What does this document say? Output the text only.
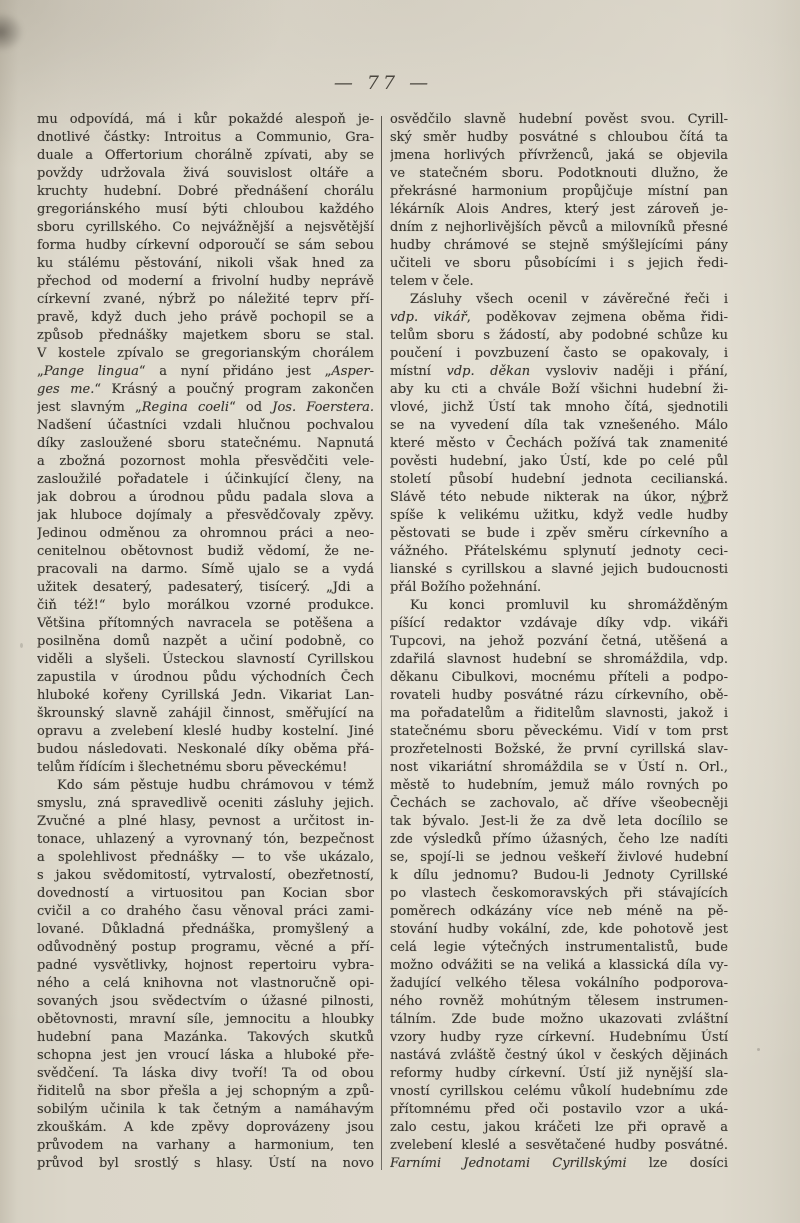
— 77 —
mu odpovídá, má i kůr pokaždé alespoň je-
dnotlivé částky: Introitus a Communio, Gra-
duale a Offertorium chorálně zpívati, aby se
povždy udržovala živá souvislost oltáře a
kruchty hudební. Dobré přednášení chorálu
gregoriánského musí býti chloubou každého
sboru cyrillského. Co nejvážnější a nejsvětější
forma hudby církevní odporoučí se sám sebou
ku stálému pěstování, nikoli však hned za
přechod od moderní a frivolní hudby neprávě
církevní zvané, nýbrž po náležité teprv pří-
pravě, když duch jeho právě pochopil se a
způsob přednášky majetkem sboru se stal.
V kostele zpívalo se gregorianským chorálem
„Pange lingua“ a nyní přidáno jest „Asper-
ges me.“ Krásný a poučný program zakončen
jest slavným „Regina coeli“ od Jos. Foerstera.
Nadšení účastníci vzdali hlučnou pochvalou
díky zasloužené sboru statečnému. Napnutá
a zbožná pozornost mohla přesvědčiti vele-
zasloužilé pořadatele i účinkující členy, na
jak dobrou a úrodnou půdu padala slova a
jak hluboce dojímaly a přesvědčovaly zpěvy.
Jedinou odměnou za ohromnou práci a neo-
cenitelnou obětovnost budiž vědomí, že ne-
pracovali na darmo. Símě ujalo se a vydá
užitek desaterý, padesaterý, tisícerý. „Jdi a
čiň též!“ bylo morálkou vzorné produkce.
Většina přítomných navracela se potěšena a
posilněna domů nazpět a učiní podobně, co
viděli a slyšeli. Ústeckou slavností Cyrillskou
zapustila v úrodnou půdu východních Čech
hluboké kořeny Cyrillská Jedn. Vikariat Lan-
škrounský slavně zahájil činnost, směřující na
opravu a zvelebení kleslé hudby kostelní. Jiné
budou následovati. Neskonalé díky oběma přá-
telům řídícím i šlechetnému sboru pěveckému!
Kdo sám pěstuje hudbu chrámovou v témž
smyslu, zná spravedlivě oceniti zásluhy jejich.
Zvučné a plné hlasy, pevnost a určitost in-
tonace, uhlazený a vyrovnaný tón, bezpečnost
a spolehlivost přednášky — to vše ukázalo,
s jakou svědomitostí, vytrvalostí, obezřetností,
dovedností a virtuositou pan Kocian sbor
cvičil a co drahého času věnoval práci zami-
lované. Důkladná přednáška, promyšlený a
odůvodněný postup programu, věcné a pří-
padné vysvětlivky, hojnost repertoiru vybra-
ného a celá knihovna not vlastnoručně opi-
sovaných jsou svědectvím o úžasné pilnosti,
obětovnosti, mravní síle, jemnocitu a hloubky
hudební pana Mazánka. Takových skutků
schopna jest jen vroucí láska a hluboké pře-
svědčení. Ta láska divy tvoří! Ta od obou
řiditelů na sbor přešla a jej schopným a způ-
sobilým učinila k tak četným a namáhavým
zkouškám. A kde zpěvy doprovázeny jsou
průvodem na varhany a harmonium, ten
průvod byl srostlý s hlasy. Ústí na novo
osvědčilo slavně hudební pověst svou. Cyrill-
ský směr hudby posvátné s chloubou čítá ta
jmena horlivých přívrženců, jaká se objevila
ve statečném sboru. Podotknouti dlužno, že
překrásné harmonium propůjčuje místní pan
lékárník Alois Andres, který jest zároveň je-
dním z nejhorlivějších pěvců a milovníků přesné
hudby chrámové se stejně smýšlejícími pány
učiteli ve sboru působícími i s jejich ředi-
telem v čele.
Zásluhy všech ocenil v závěrečné řeči i
vdp. vikář, poděkovav zejmena oběma řidi-
telům sboru s žádostí, aby podobné schůze ku
poučení i povzbuzení často se opakovaly, i
místní vdp. děkan vysloviv naději i přání,
aby ku cti a chvále Boží všichni hudební ži-
vlové, jichž Ústí tak mnoho čítá, sjednotili
se na vyvedení díla tak vznešeného. Málo
které město v Čechách požívá tak znamenité
pověsti hudební, jako Ústí, kde po celé půl
století působí hudební jednota cecilianská.
Slávě této nebude nikterak na úkor, nýbrž
spíše k velikému užitku, když vedle hudby
pěstovati se bude i zpěv směru církevního a
vážného. Přátelskému splynutí jednoty ceci-
lianské s cyrillskou a slavné jejich budoucnosti
přál Božího požehnání.
Ku konci promluvil ku shromážděným
píšící redaktor vzdávaje díky vdp. vikáři
Tupcovi, na jehož pozvání četná, utěšená a
zdařilá slavnost hudební se shromáždila, vdp.
děkanu Cibulkovi, mocnému příteli a podpo-
rovateli hudby posvátné rázu církevního, obě-
ma pořadatelům a řiditelům slavnosti, jakož i
statečnému sboru pěveckému. Vidí v tom prst
prozřetelnosti Božské, že první cyrillská slav-
nost vikariátní shromáždila se v Ústí n. Orl.,
městě to hudebním, jemuž málo rovných po
Čechách se zachovalo, ač dříve všeobecněji
tak bývalo. Jest-li že za dvě leta docílilo se
zde výsledků přímo úžasných, čeho lze nadíti
se, spojí-li se jednou veškeří živlové hudební
k dílu jednomu? Budou-li Jednoty Cyrillské
po vlastech českomoravských při stávajících
poměrech odkázány více neb méně na pě-
stování hudby vokální, zde, kde pohotově jest
celá legie výtečných instrumentalistů, bude
možno odvážiti se na veliká a klassická díla vy-
žadující velkého tělesa vokálního podporova-
ného rovněž mohútným tělesem instrumen-
tálním. Zde bude možno ukazovati zvláštní
vzory hudby ryze církevní. Hudebnímu Ústí
nastává zvláště čestný úkol v českých dějinách
reformy hudby církevní. Ústí již nynější sla-
vností cyrillskou celému vůkolí hudebnímu zde
přítomnému před oči postavilo vzor a uká-
zalo cestu, jakou kráčeti lze při opravě a
zvelebení kleslé a sesvětačené hudby posvátné.
Farními Jednotami Cyrillskými lze dosíci
